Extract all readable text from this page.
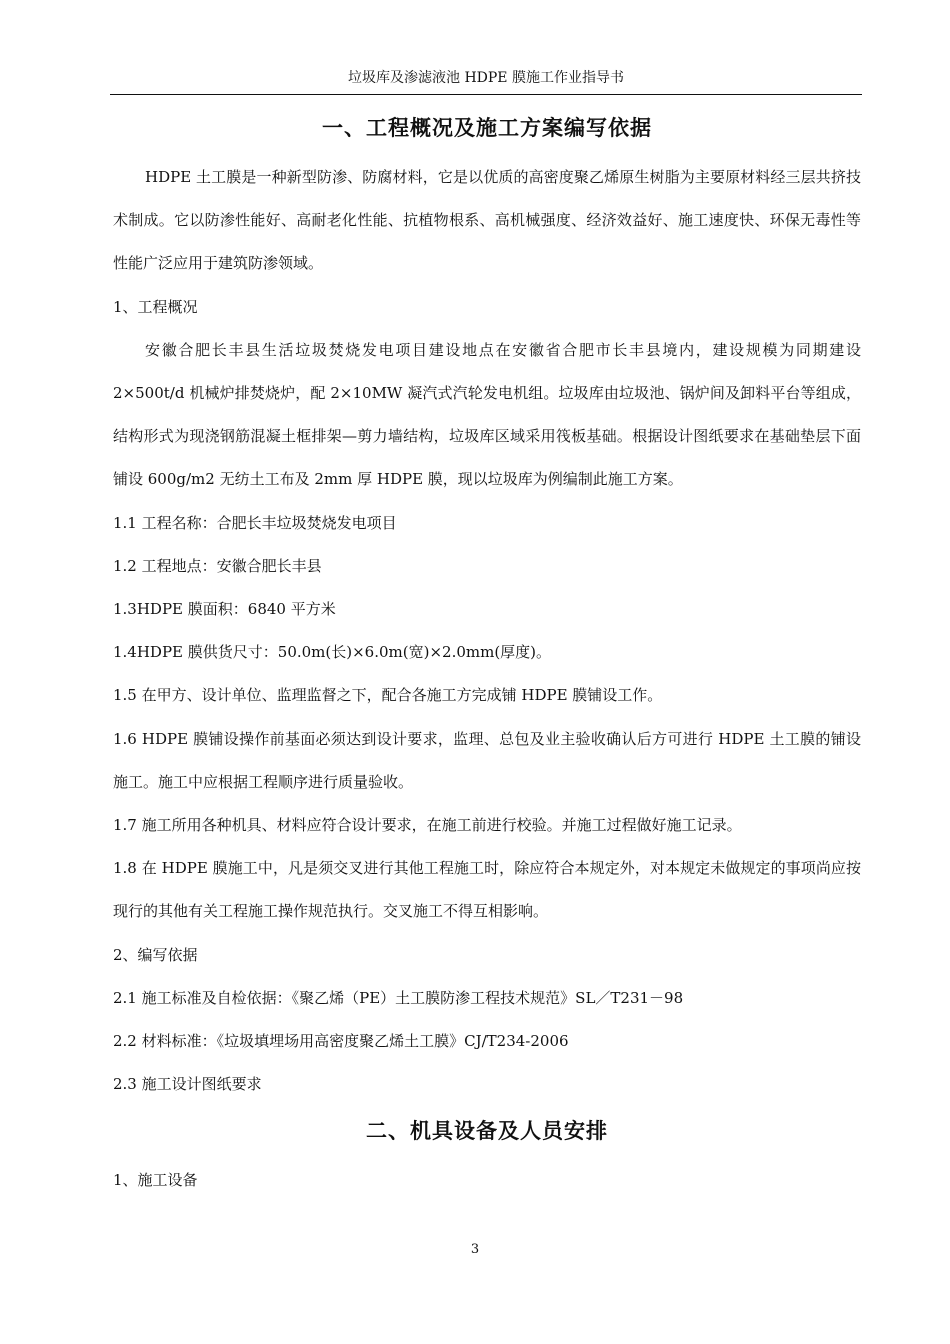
垃圾库及渗滤液池 HDPE 膜施工作业指导书
一、工程概况及施工方案编写依据

HDPE 土工膜是一种新型防渗、防腐材料，它是以优质的高密度聚乙烯原生树脂为主要原材料经三层共挤技术制成。它以防渗性能好、高耐老化性能、抗植物根系、高机械强度、经济效益好、施工速度快、环保无毒性等性能广泛应用于建筑防渗领域。

1、工程概况

安徽合肥长丰县生活垃圾焚烧发电项目建设地点在安徽省合肥市长丰县境内，建设规模为同期建设 2×500t/d 机械炉排焚烧炉，配 2×10MW 凝汽式汽轮发电机组。垃圾库由垃圾池、锅炉间及卸料平台等组成，结构形式为现浇钢筋混凝土框排架—剪力墙结构，垃圾库区域采用筏板基础。根据设计图纸要求在基础垫层下面铺设 600g/m2 无纺土工布及 2mm 厚 HDPE 膜，现以垃圾库为例编制此施工方案。

1.1 工程名称：合肥长丰垃圾焚烧发电项目

1.2 工程地点：安徽合肥长丰县

1.3HDPE 膜面积：6840 平方米

1.4HDPE 膜供货尺寸：50.0m(长)×6.0m(宽)×2.0mm(厚度)。

1.5 在甲方、设计单位、监理监督之下，配合各施工方完成铺 HDPE 膜铺设工作。

1.6 HDPE 膜铺设操作前基面必须达到设计要求，监理、总包及业主验收确认后方可进行 HDPE 土工膜的铺设施工。施工中应根据工程顺序进行质量验收。

1.7 施工所用各种机具、材料应符合设计要求，在施工前进行校验。并施工过程做好施工记录。

1.8 在 HDPE 膜施工中，凡是须交叉进行其他工程施工时，除应符合本规定外，对本规定未做规定的事项尚应按现行的其他有关工程施工操作规范执行。交叉施工不得互相影响。

2、编写依据

2.1 施工标准及自检依据：《聚乙烯（PE）土工膜防渗工程技术规范》SL／T231－98

2.2 材料标准：《垃圾填埋场用高密度聚乙烯土工膜》CJ/T234-2006

2.3 施工设计图纸要求

二、机具设备及人员安排

1、施工设备

3
